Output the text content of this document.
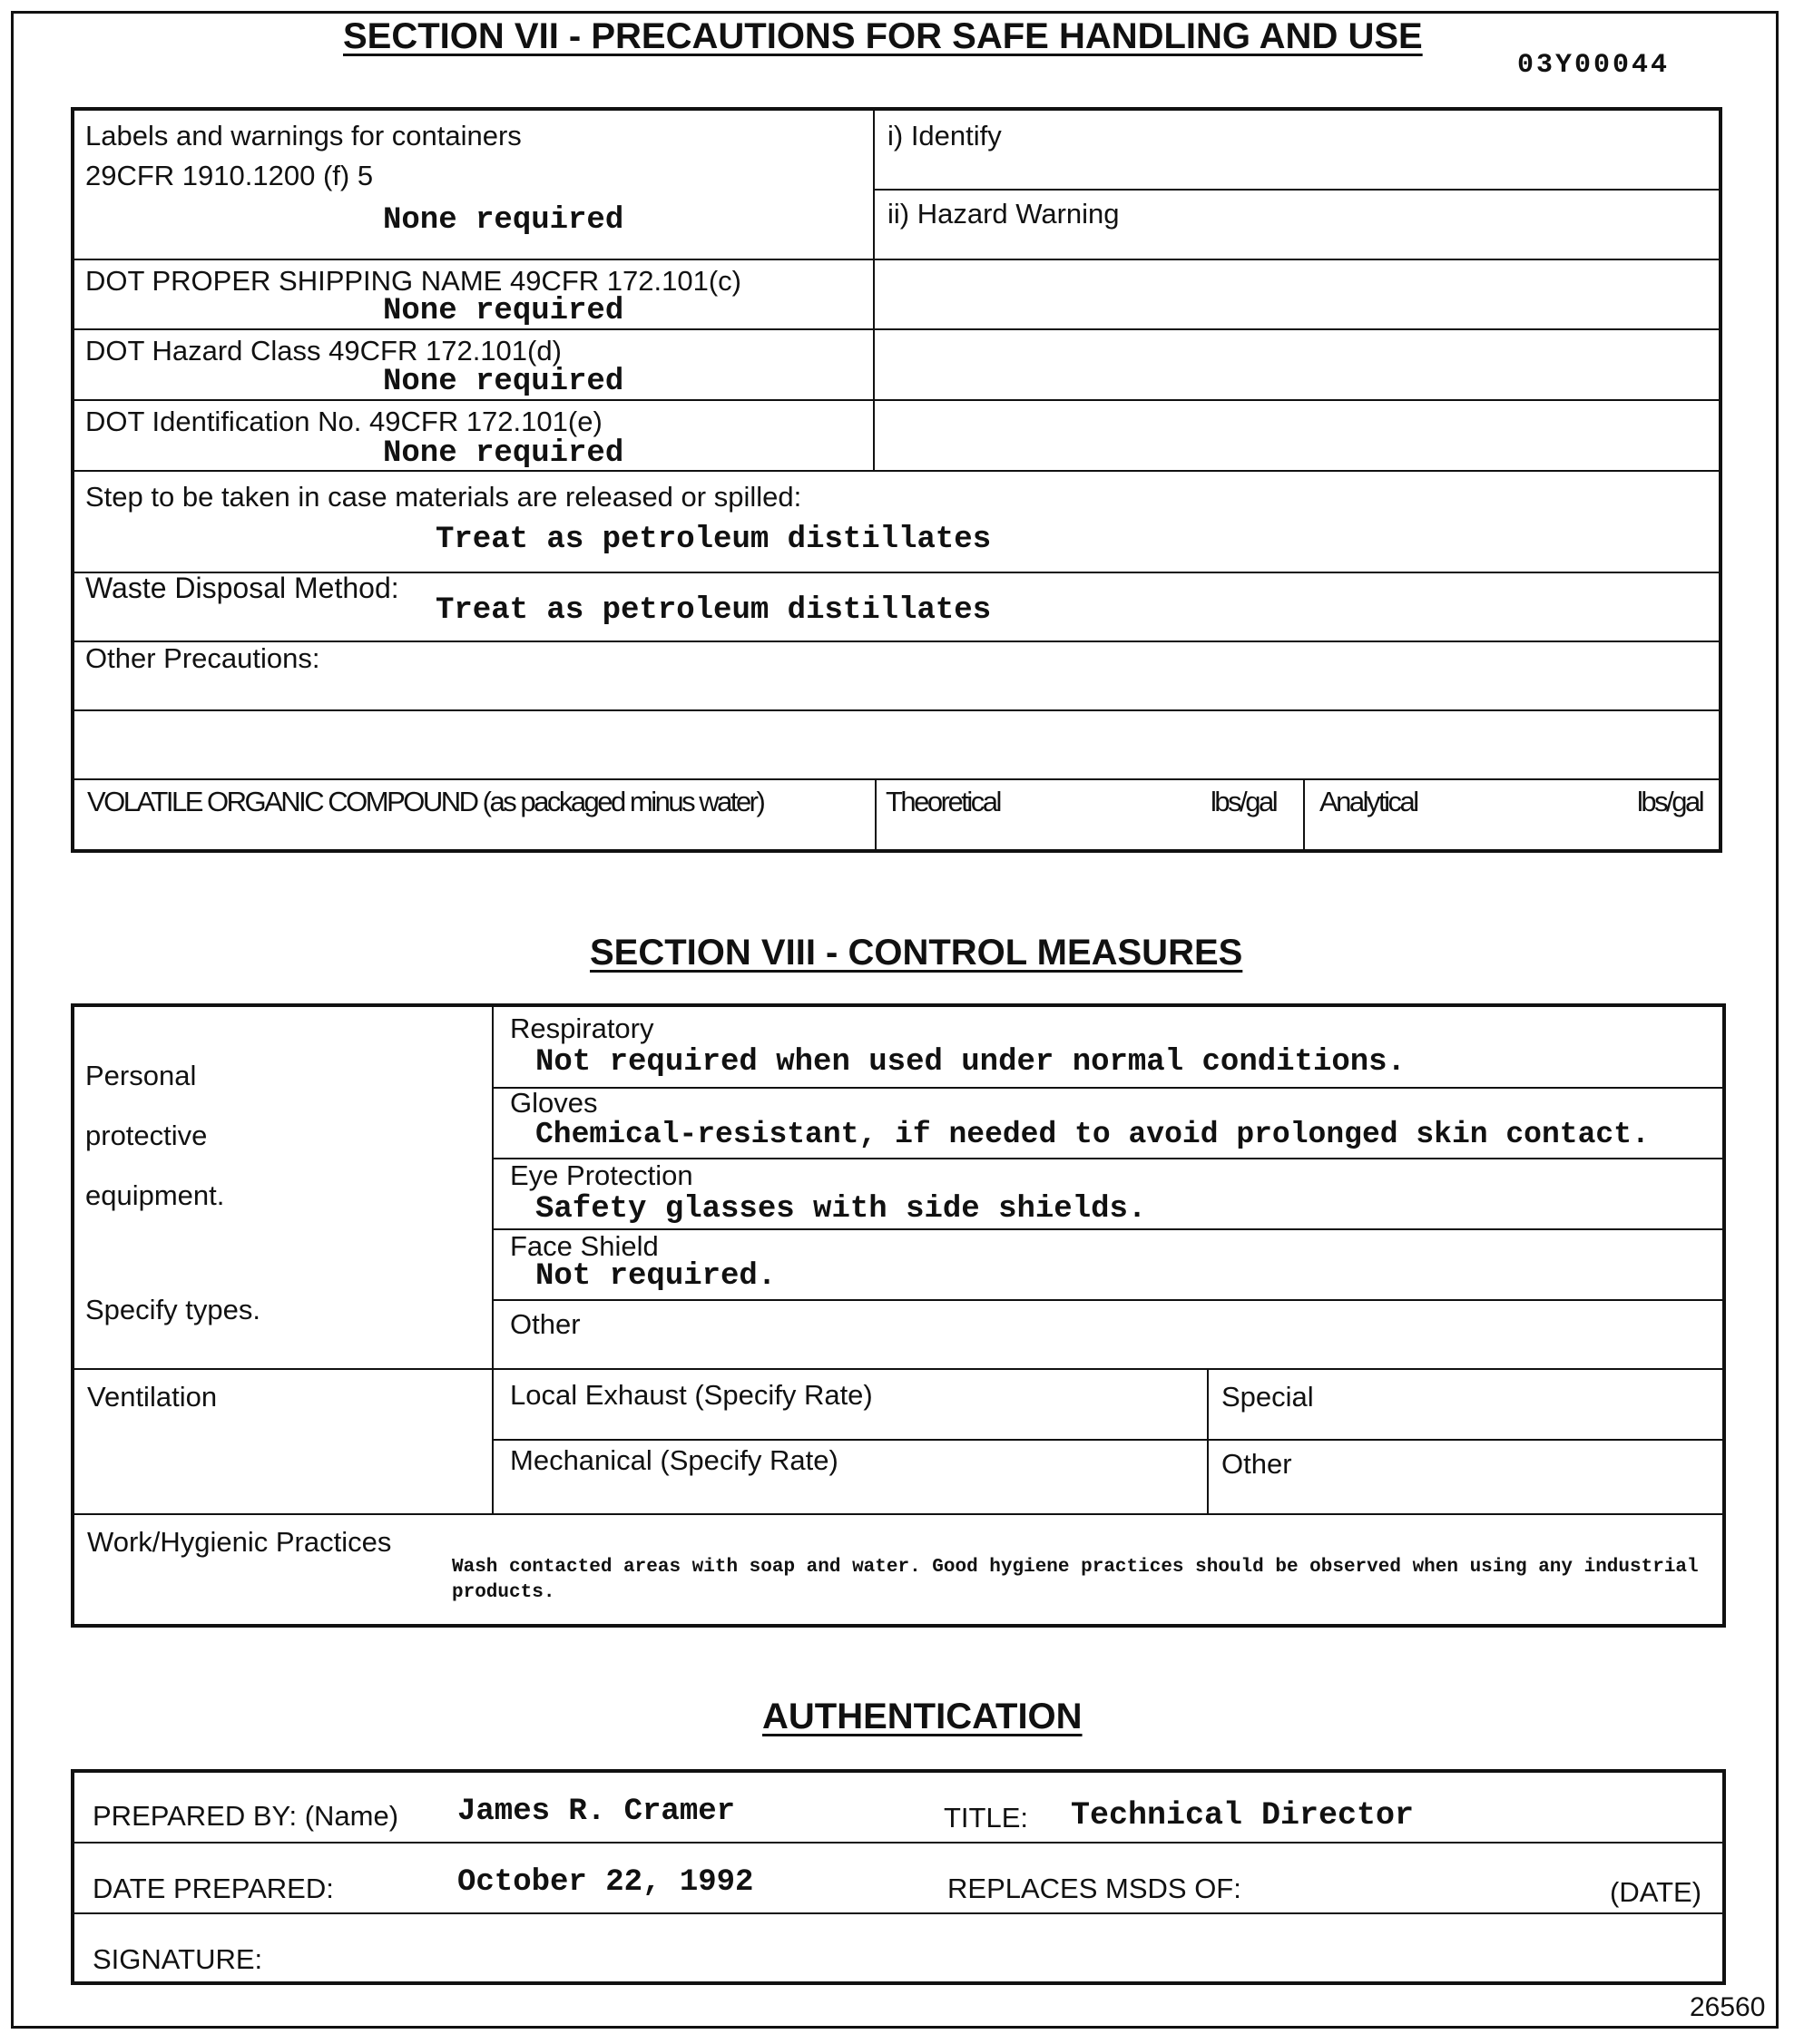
SECTION VII - PRECAUTIONS FOR SAFE HANDLING AND USE
03Y00044
Labels and warnings for containers
29CFR 1910.1200 (f) 5
None required
i) Identify
ii) Hazard Warning
DOT PROPER SHIPPING NAME 49CFR 172.101(c)
None required
DOT Hazard Class 49CFR 172.101(d)
None required
DOT Identification No. 49CFR 172.101(e)
None required
Step to be taken in case materials are released or spilled:
Treat as petroleum distillates
Waste Disposal Method:
Treat as petroleum distillates
Other Precautions:
VOLATILE ORGANIC COMPOUND (as packaged minus water)	Theoretical	lbs/gal Analytical	lbs/gal
SECTION VIII - CONTROL MEASURES
Personal
protective
equipment.
Specify types.
Respiratory
Not required when used under normal conditions.
Gloves
Chemical-resistant, if needed to avoid prolonged skin contact.
Eye Protection
Safety glasses with side shields.
Face Shield
Not required.
Other
Ventilation	Local Exhaust (Specify Rate)	Special
Mechanical (Specify Rate)	Other
Work/Hygienic Practices
Wash contacted areas with soap and water. Good hygiene practices should be observed when using any industrial products.
AUTHENTICATION
PREPARED BY: (Name) James R. Cramer	TITLE: Technical Director
DATE PREPARED:	October 22, 1992	REPLACES MSDS OF:	(DATE)
SIGNATURE:
26560
